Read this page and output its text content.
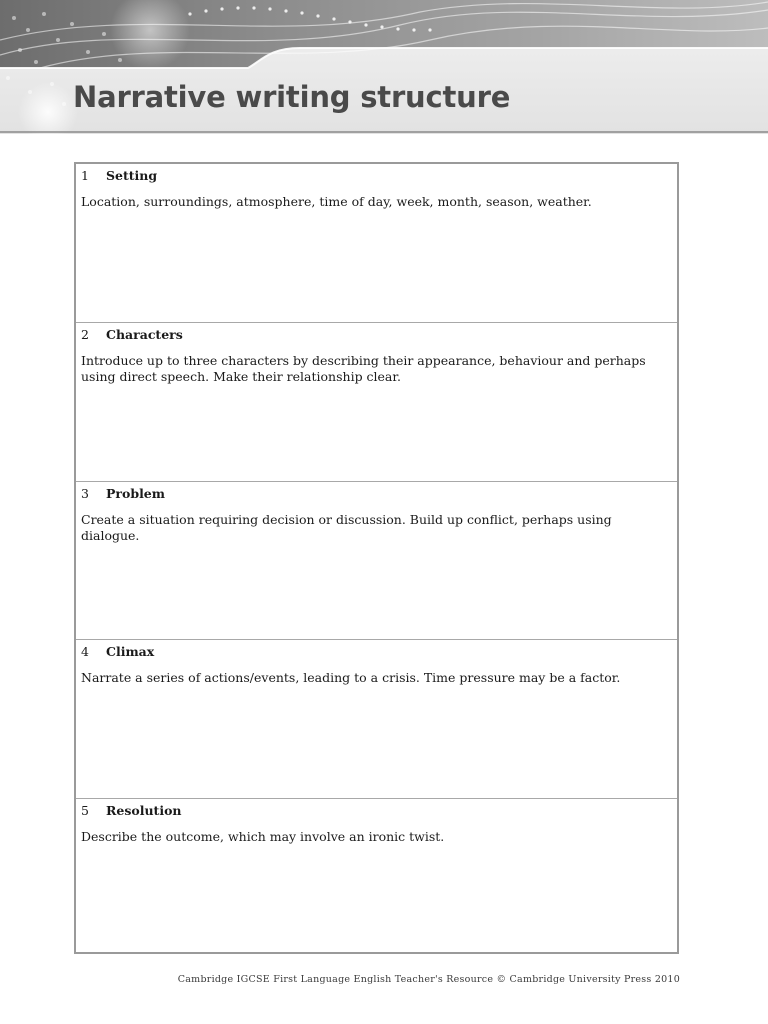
Narrative writing structure
1 Setting

Location, surroundings, atmosphere, time of day, week, month, season, weather.

2 Characters

Introduce up to three characters by describing their appearance, behaviour and perhaps using direct speech. Make their relationship clear.

3 Problem

Create a situation requiring decision or discussion. Build up conflict, perhaps using dialogue.

4 Climax

Narrate a series of actions/events, leading to a crisis. Time pressure may be a factor.

5 Resolution

Describe the outcome, which may involve an ironic twist.

Cambridge IGCSE First Language English Teacher's Resource © Cambridge University Press 2010
